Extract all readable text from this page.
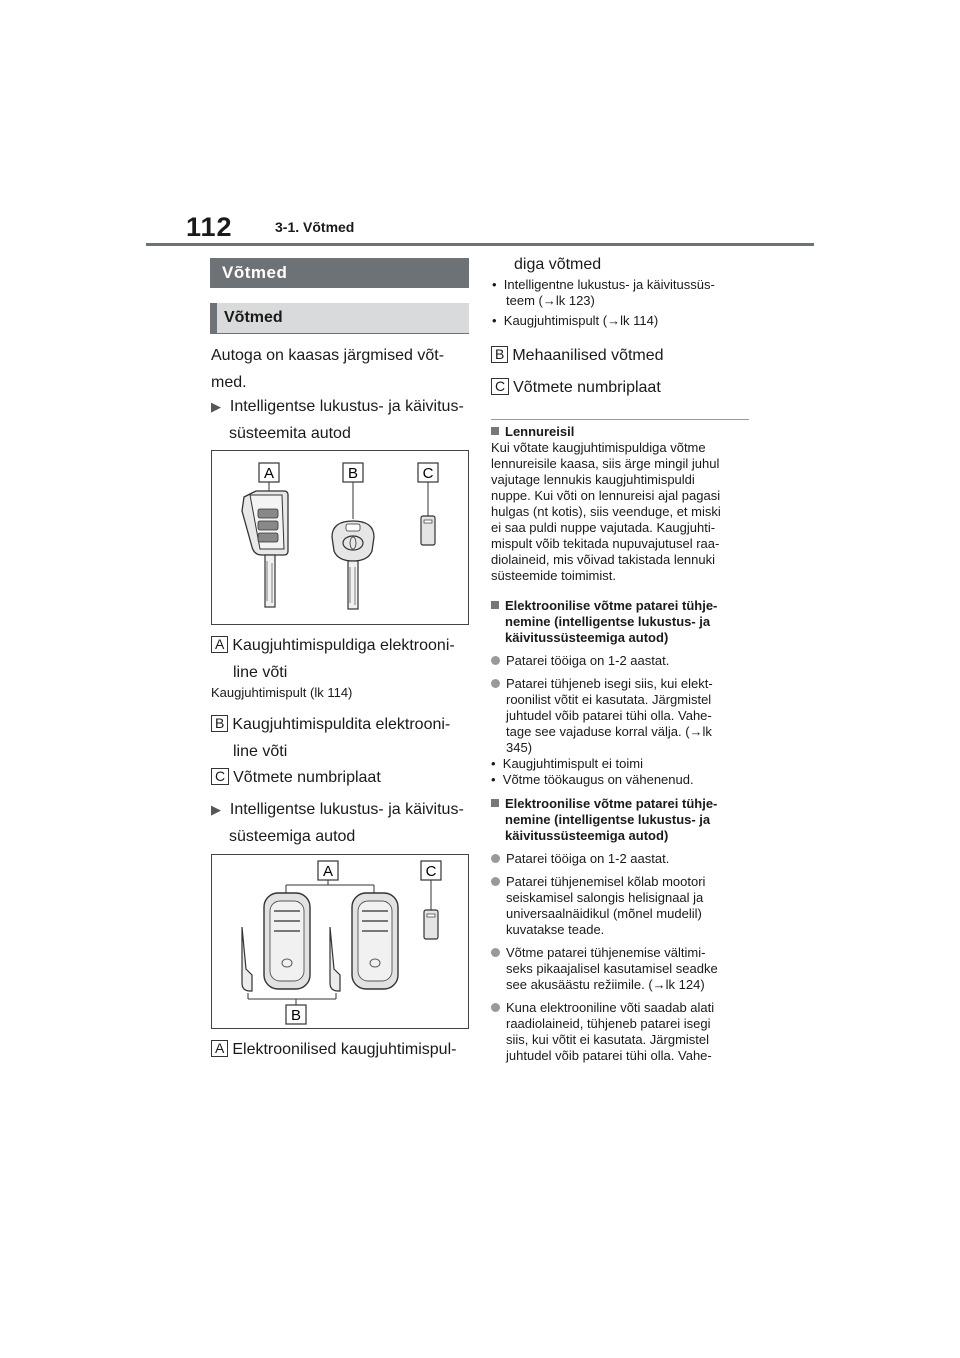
112	3-1. Võtmed
Võtmed
Võtmed
Autoga on kaasas järgmised võt-
med.
▶ Intelligentse lukustus- ja käivitus-
süsteemita autod
A	B	C
A Kaugjuhtimispuldiga elektrooni-
line võti
Kaugjuhtimispult (lk 114)
B Kaugjuhtimispuldita elektrooni-
line võti
C Võtmete numbriplaat
▶ Intelligentse lukustus- ja käivitus-
süsteemiga autod
A	C
B
A Elektroonilised kaugjuhtimispul-
diga võtmed
•  Intelligentne lukustus- ja käivitussüs-
teem (→lk 123)
•  Kaugjuhtimispult (→lk 114)
B Mehaanilised võtmed
C Võtmete numbriplaat
Lennureisil
Kui võtate kaugjuhtimispuldiga võtme
lennureisile kaasa, siis ärge mingil juhul
vajutage lennukis kaugjuhtimispuldi
nuppe. Kui võti on lennureisi ajal pagasi
hulgas (nt kotis), siis veenduge, et miski
ei saa puldi nuppe vajutada. Kaugjuhti-
mispult võib tekitada nupuvajutusel raa-
diolaineid, mis võivad takistada lennuki
süsteemide toimimist.
Elektroonilise võtme patarei tühje-
nemine (intelligentse lukustus- ja
käivitussüsteemiga autod)
Patarei tööiga on 1-2 aastat.
Patarei tühjeneb isegi siis, kui elekt-
roonilist võtit ei kasutata. Järgmistel
juhtudel võib patarei tühi olla. Vahe-
tage see vajaduse korral välja. (→lk
345)
•  Kaugjuhtimispult ei toimi
•  Võtme töökaugus on vähenenud.
Elektroonilise võtme patarei tühje-
nemine (intelligentse lukustus- ja
käivitussüsteemiga autod)
Patarei tööiga on 1-2 aastat.
Patarei tühjenemisel kõlab mootori
seiskamisel salongis helisignaal ja
universaalnäidikul (mõnel mudelil)
kuvatakse teade.
Võtme patarei tühjenemise vältimi-
seks pikaajalisel kasutamisel seadke
see akusäästu režiimile. (→lk 124)
Kuna elektrooniline võti saadab alati
raadiolaineid, tühjeneb patarei isegi
siis, kui võtit ei kasutata. Järgmistel
juhtudel võib patarei tühi olla. Vahe-
